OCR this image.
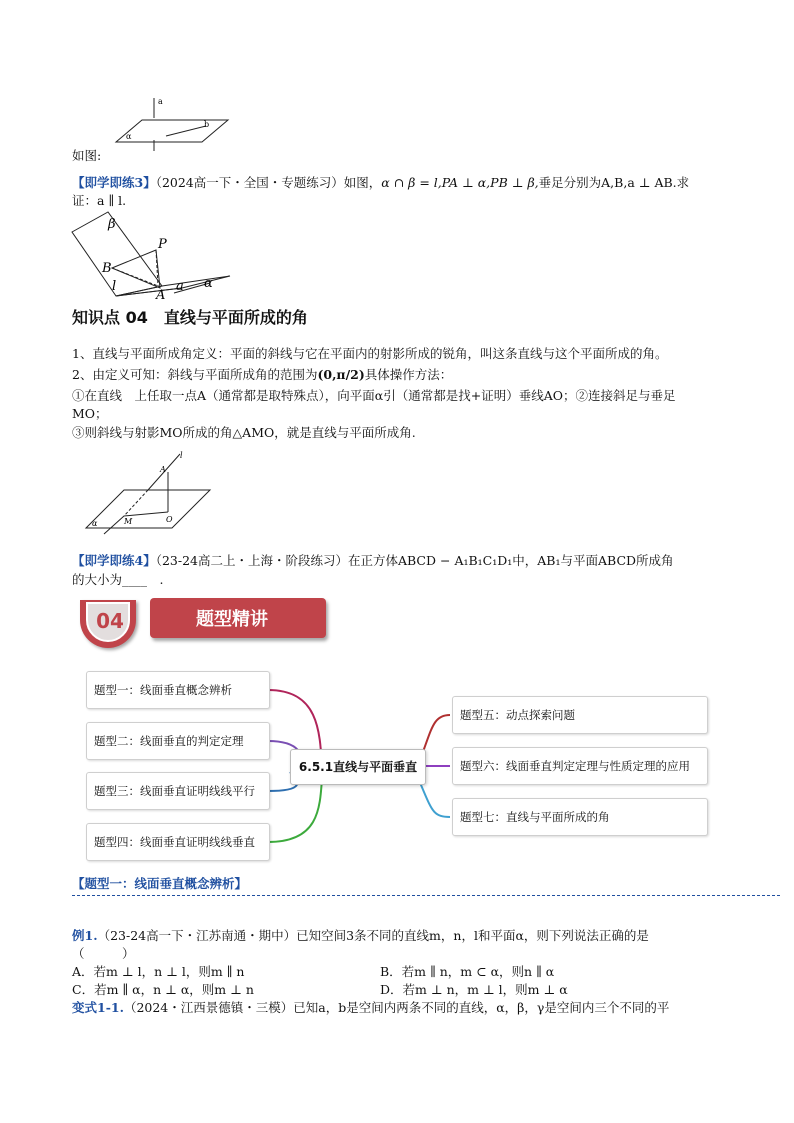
a
α
b
如图:
【即学即练3】（2024高一下・全国・专题练习）如图，α ∩ β = l,PA ⊥ α,PB ⊥ β,垂足分别为A,B,a ⊥ AB.求
证：a ∥ l.
β
P
B
l
A
a α
知识点 04　直线与平面所成的角
1、直线与平面所成角定义：平面的斜线与它在平面内的射影所成的锐角，叫这条直线与这个平面所成的角。
2、由定义可知：斜线与平面所成角的范围为(0,π/2)具体操作方法：
①在直线　上任取一点A（通常都是取特殊点），向平面α引（通常都是找+证明）垂线AO；②连接斜足与垂足
MO；
③则斜线与射影MO所成的角△AMO，就是直线与平面所成角.
l
A
M	O
α
【即学即练4】（23-24高二上・上海・阶段练习）在正方体ABCD − A₁B₁C₁D₁中，AB₁与平面ABCD所成角
的大小为____　.
04	题型精讲
题型一：线面垂直概念辨析
题型二：线面垂直的判定定理
题型三：线面垂直证明线线平行
题型四：线面垂直证明线线垂直
6.5.1直线与平面垂直
题型五：动点探索问题
题型六：线面垂直判定定理与性质定理的应用
题型七：直线与平面所成的角
【题型一：线面垂直概念辨析】
例1.（23-24高一下・江苏南通・期中）已知空间3条不同的直线m，n，l和平面α，则下列说法正确的是
（　　　）
A．若m ⊥ l，n ⊥ l，则m ∥ n	B．若m ∥ n，m ⊂ α，则n ∥ α
C．若m ∥ α，n ⊥ α，则m ⊥ n	D．若m ⊥ n，m ⊥ l，则m ⊥ α
变式1-1.（2024・江西景德镇・三模）已知a，b是空间内两条不同的直线，α，β，γ是空间内三个不同的平
